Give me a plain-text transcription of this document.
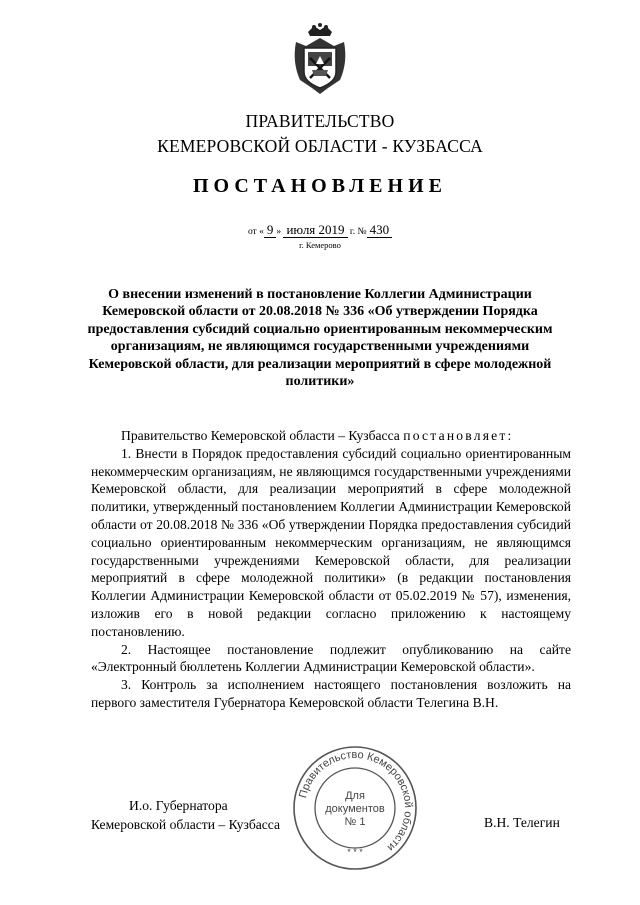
ПРАВИТЕЛЬСТВО
КЕМЕРОВСКОЙ ОБЛАСТИ - КУЗБАССА
ПОСТАНОВЛЕНИЕ
от « 9 » июля 2019 г. № 430
г. Кемерово
О внесении изменений в постановление Коллегии Администрации Кемеровской области от 20.08.2018 № 336 «Об утверждении Порядка предоставления субсидий социально ориентированным некоммерческим организациям, не являющимся государственными учреждениями Кемеровской области, для реализации мероприятий в сфере молодежной политики»

Правительство Кемеровской области – Кузбасса постановляет:

1. Внести в Порядок предоставления субсидий социально ориентированным некоммерческим организациям, не являющимся государственными учреждениями Кемеровской области, для реализации мероприятий в сфере молодежной политики, утвержденный постановлением Коллегии Администрации Кемеровской области от 20.08.2018 № 336 «Об утверждении Порядка предоставления субсидий социально ориентированным некоммерческим организациям, не являющимся государственными учреждениями Кемеровской области, для реализации мероприятий в сфере молодежной политики» (в редакции постановления Коллегии Администрации Кемеровской области от 05.02.2019 № 57), изменения, изложив его в новой редакции согласно приложению к настоящему постановлению.

2. Настоящее постановление подлежит опубликованию на сайте «Электронный бюллетень Коллегии Администрации Кемеровской области».

3. Контроль за исполнением настоящего постановления возложить на первого заместителя Губернатора Кемеровской области Телегина В.Н.

И.о. Губернатора
Кемеровской области – Кузбасса	В.Н. Телегин
Правительство Кемеровской области
* * *
Для
документов
№ 1
